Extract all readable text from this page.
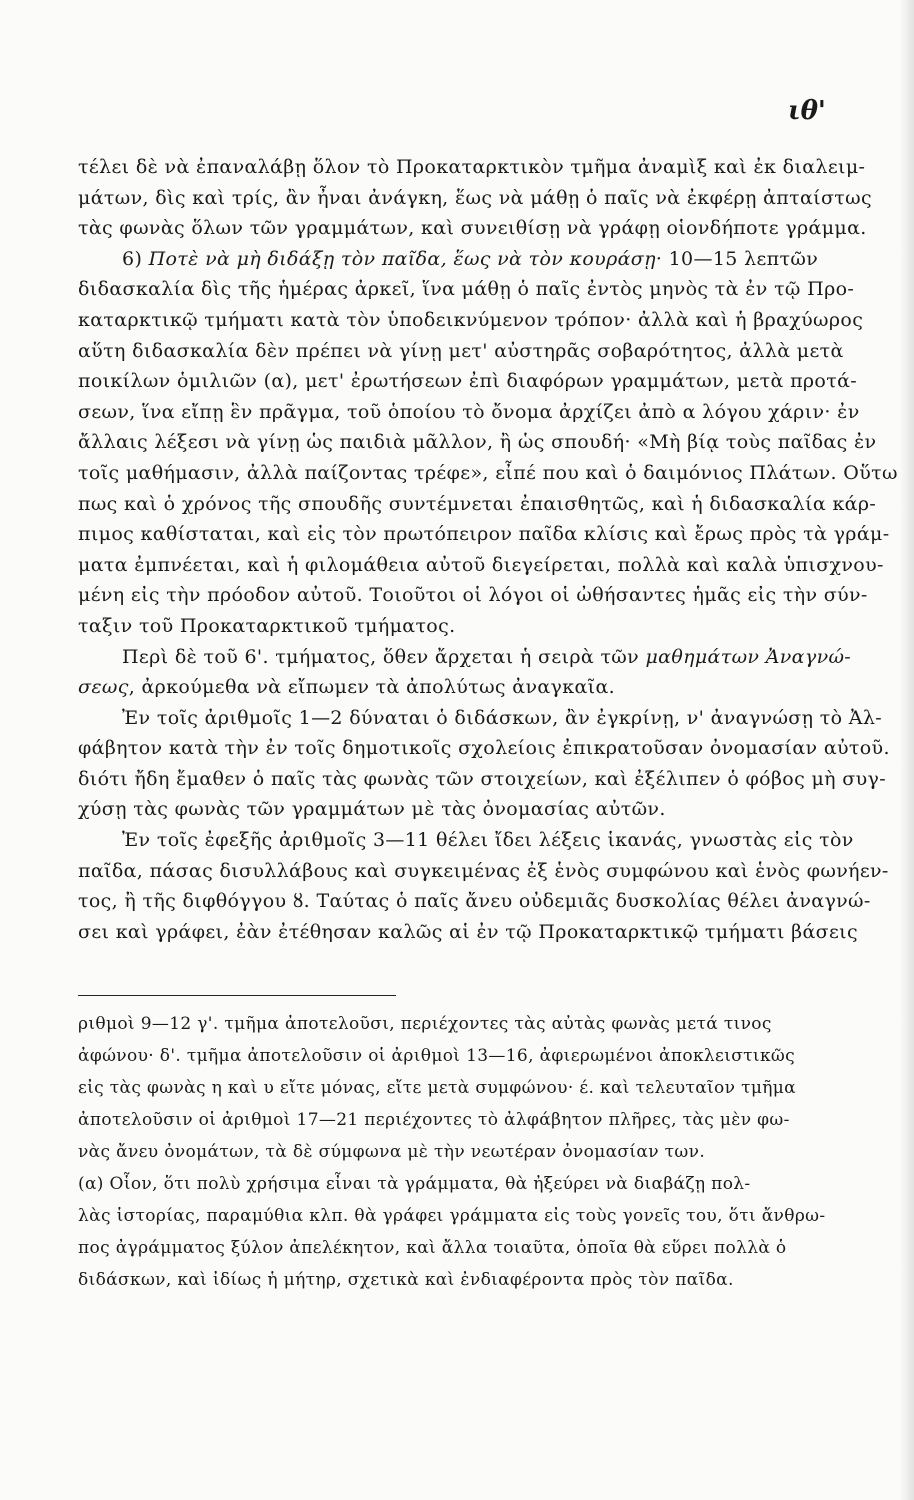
ιθ'
τέλει δὲ νὰ ἐπαναλάβῃ ὅλον τὸ Προκαταρκτικὸν τμῆμα ἀναμὶξ καὶ ἐκ διαλειμ-
μάτων, δὶς καὶ τρίς, ἂν ἦναι ἀνάγκη, ἕως νὰ μάθῃ ὁ παῖς νὰ ἐκφέρῃ ἀπταίστως
τὰς φωνὰς ὅλων τῶν γραμμάτων, καὶ συνειθίσῃ νὰ γράφῃ οἱονδήποτε γράμμα.
6) Ποτὲ νὰ μὴ διδάξῃ τὸν παῖδα, ἕως νὰ τὸν κουράσῃ· 10—15 λεπτῶν
διδασκαλία δὶς τῆς ἡμέρας ἀρκεῖ, ἵνα μάθῃ ὁ παῖς ἐντὸς μηνὸς τὰ ἐν τῷ Προ-
καταρκτικῷ τμήματι κατὰ τὸν ὑποδεικνύμενον τρόπον· ἀλλὰ καὶ ἡ βραχύωρος
αὕτη διδασκαλία δὲν πρέπει νὰ γίνῃ μετ' αὐστηρᾶς σοβαρότητος, ἀλλὰ μετὰ
ποικίλων ὁμιλιῶν (α), μετ' ἐρωτήσεων ἐπὶ διαφόρων γραμμάτων, μετὰ προτά-
σεων, ἵνα εἴπῃ ἓν πρᾶγμα, τοῦ ὁποίου τὸ ὄνομα ἀρχίζει ἀπὸ α λόγου χάριν· ἐν
ἄλλαις λέξεσι νὰ γίνῃ ὡς παιδιὰ μᾶλλον, ἢ ὡς σπουδή· «Μὴ βίᾳ τοὺς παῖδας ἐν
τοῖς μαθήμασιν, ἀλλὰ παίζοντας τρέφε», εἶπέ που καὶ ὁ δαιμόνιος Πλάτων. Οὕτω
πως καὶ ὁ χρόνος τῆς σπουδῆς συντέμνεται ἐπαισθητῶς, καὶ ἡ διδασκαλία κάρ-
πιμος καθίσταται, καὶ εἰς τὸν πρωτόπειρον παῖδα κλίσις καὶ ἔρως πρὸς τὰ γράμ-
ματα ἐμπνέεται, καὶ ἡ φιλομάθεια αὐτοῦ διεγείρεται, πολλὰ καὶ καλὰ ὑπισχνου-
μένη εἰς τὴν πρόοδον αὐτοῦ. Τοιοῦτοι οἱ λόγοι οἱ ὠθήσαντες ἡμᾶς εἰς τὴν σύν-
ταξιν τοῦ Προκαταρκτικοῦ τμήματος.
Περὶ δὲ τοῦ 6'. τμήματος, ὅθεν ἄρχεται ἡ σειρὰ τῶν μαθημάτων Ἀναγνώ-
σεως, ἀρκούμεθα νὰ εἴπωμεν τὰ ἀπολύτως ἀναγκαῖα.
Ἐν τοῖς ἀριθμοῖς 1—2 δύναται ὁ διδάσκων, ἂν ἐγκρίνῃ, ν' ἀναγνώσῃ τὸ Ἀλ-
φάβητον κατὰ τὴν ἐν τοῖς δημοτικοῖς σχολείοις ἐπικρατοῦσαν ὀνομασίαν αὐτοῦ.
διότι ἤδη ἔμαθεν ὁ παῖς τὰς φωνὰς τῶν στοιχείων, καὶ ἐξέλιπεν ὁ φόβος μὴ συγ-
χύσῃ τὰς φωνὰς τῶν γραμμάτων μὲ τὰς ὀνομασίας αὐτῶν.
Ἐν τοῖς ἐφεξῆς ἀριθμοῖς 3—11 θέλει ἴδει λέξεις ἱκανάς, γνωστὰς εἰς τὸν
παῖδα, πάσας δισυλλάβους καὶ συγκειμένας ἐξ ἑνὸς συμφώνου καὶ ἑνὸς φωνήεν-
τος, ἢ τῆς διφθόγγου ȣ. Ταύτας ὁ παῖς ἄνευ οὐδεμιᾶς δυσκολίας θέλει ἀναγνώ-
σει καὶ γράφει, ἐὰν ἐτέθησαν καλῶς αἱ ἐν τῷ Προκαταρκτικῷ τμήματι βάσεις
ριθμοὶ 9—12 γ'. τμῆμα ἀποτελοῦσι, περιέχοντες τὰς αὐτὰς φωνὰς μετά τινος
ἀφώνου· δ'. τμῆμα ἀποτελοῦσιν οἱ ἀριθμοὶ 13—16, ἀφιερωμένοι ἀποκλειστικῶς
εἰς τὰς φωνὰς η καὶ υ εἴτε μόνας, εἴτε μετὰ συμφώνου· έ. καὶ τελευταῖον τμῆμα
ἀποτελοῦσιν οἱ ἀριθμοὶ 17—21 περιέχοντες τὸ ἀλφάβητον πλῆρες, τὰς μὲν φω-
νὰς ἄνευ ὀνομάτων, τὰ δὲ σύμφωνα μὲ τὴν νεωτέραν ὀνομασίαν των.
(α) Οἷον, ὅτι πολὺ χρήσιμα εἶναι τὰ γράμματα, θὰ ἠξεύρει νὰ διαβάζῃ πολ-
λὰς ἱστορίας, παραμύθια κλπ. θὰ γράφει γράμματα εἰς τοὺς γονεῖς του, ὅτι ἄνθρω-
πος ἀγράμματος ξύλον ἀπελέκητον, καὶ ἄλλα τοιαῦτα, ὁποῖα θὰ εὕρει πολλὰ ὁ
διδάσκων, καὶ ἰδίως ἡ μήτηρ, σχετικὰ καὶ ἐνδιαφέροντα πρὸς τὸν παῖδα.
